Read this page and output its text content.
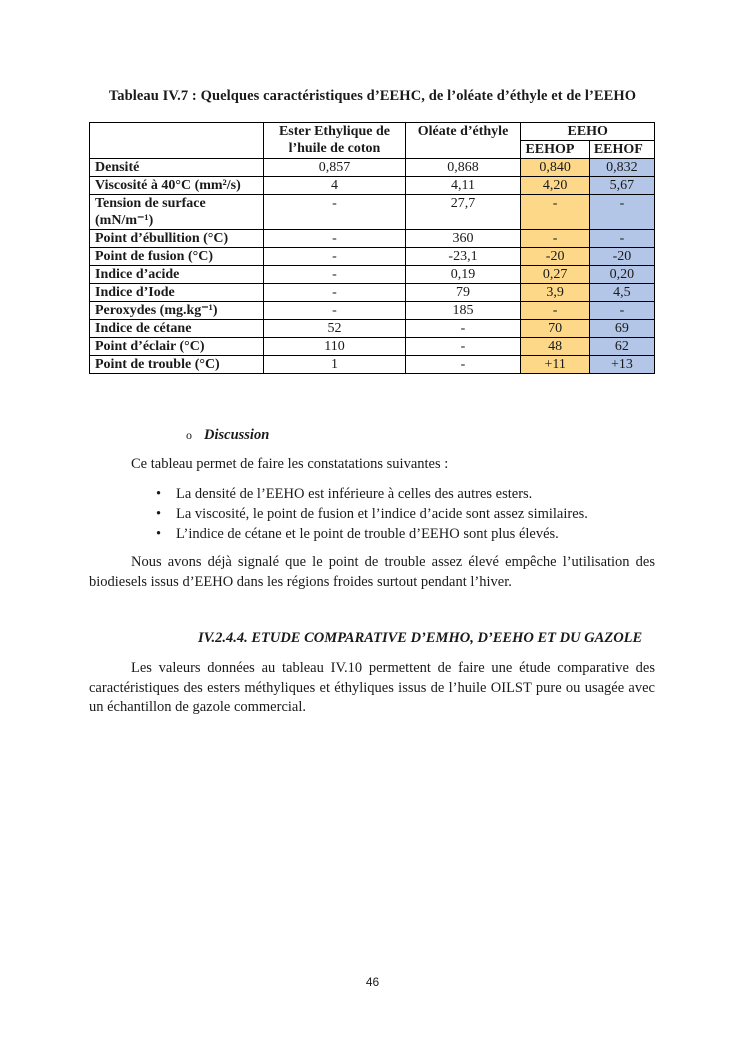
Tableau IV.7 : Quelques caractéristiques d’EEHC, de l’oléate d’éthyle et de l’EEHO
	Ester Ethylique de l’huile de coton	Oléate d’éthyle	EEHO	
			EEHOP	EEHOF
Densité	0,857	0,868	0,840	0,832
Viscosité à 40°C (mm²/s)	4	4,11	4,20	5,67
Tension de surface (mN/m⁻¹)	-	27,7	-	-
Point d’ébullition (°C)	-	360	-	-
Point de fusion (°C)	-	-23,1	-20	-20
Indice d’acide	-	0,19	0,27	0,20
Indice d’Iode	-	79	3,9	4,5
Peroxydes (mg.kg⁻¹)	-	185	-	-
Indice de cétane	52	-	70	69
Point d’éclair (°C)	110	-	48	62
Point de trouble (°C)	1	-	+11	+13
o Discussion
Ce tableau permet de faire les constatations suivantes :
• La densité de l’EEHO est inférieure à celles des autres esters.
• La viscosité, le point de fusion et l’indice d’acide sont assez similaires.
• L’indice de cétane et le point de trouble d’EEHO sont plus élevés.
Nous avons déjà signalé que le point de trouble assez élevé empêche l’utilisation des biodiesels issus d’EEHO dans les régions froides surtout pendant l’hiver.
IV.2.4.4. ETUDE COMPARATIVE D’EMHO, D’EEHO ET DU GAZOLE
Les valeurs données au tableau IV.10 permettent de faire une étude comparative des caractéristiques des esters méthyliques et éthyliques issus de l’huile OILST pure ou usagée avec un échantillon de gazole commercial.
46
